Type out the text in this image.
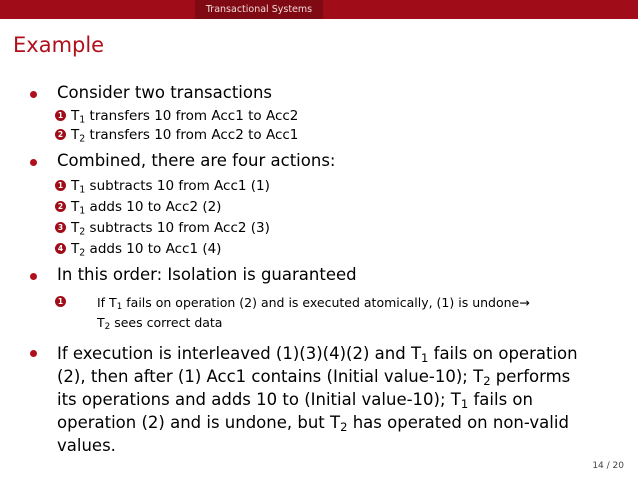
Transactional Systems
Example
Consider two transactions
1 $T_1$ transfers 10 from Acc1 to Acc2
2 $T_2$ transfers 10 from Acc2 to Acc1
Combined, there are four actions:
1 $T_1$ subtracts 10 from Acc1 (1)
2 $T_1$ adds 10 to Acc2 (2)
3 $T_2$ subtracts 10 from Acc2 (3)
4 $T_2$ adds 10 to Acc1 (4)
In this order: Isolation is guaranteed
1	If $T_1$ fails on operation (2) and is executed atomically, (1) is undone→
$T_2$ sees correct data
If execution is interleaved (1)(3)(4)(2) and $T_1$ fails on operation
(2), then after (1) Acc1 contains (Initial value-10); $T_2$ performs
its operations and adds 10 to (Initial value-10); $T_1$ fails on
operation (2) and is undone, but $T_2$ has operated on non-valid
values.
14 / 20
